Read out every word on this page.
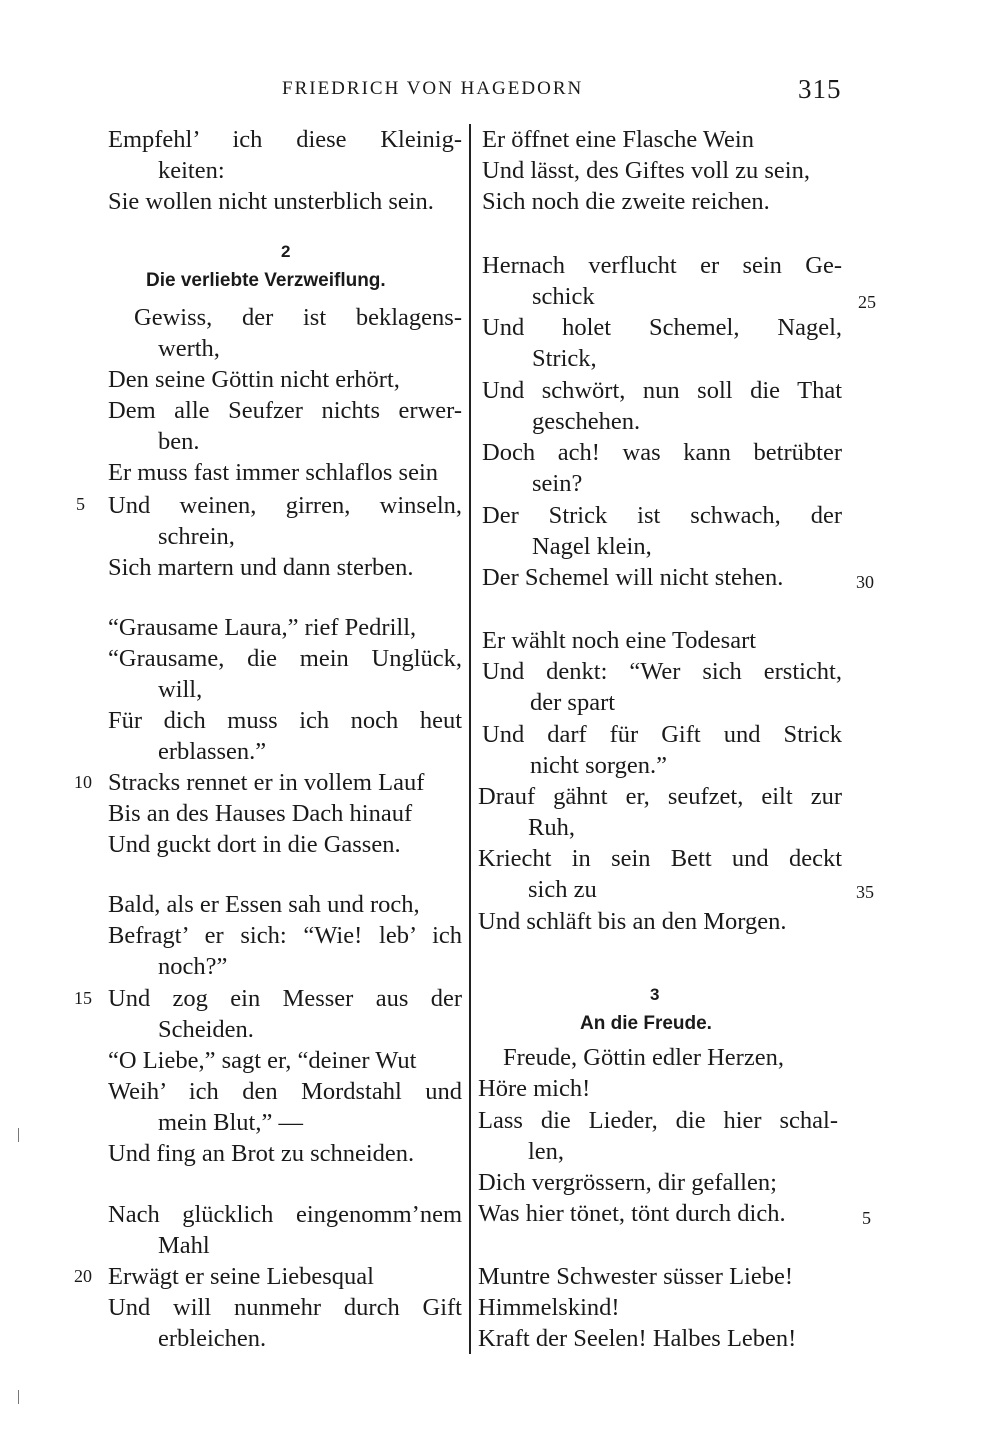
FRIEDRICH VON HAGEDORN	315
Empfehl’ ich diese Kleinig-
keiten:
Sie wollen nicht unsterblich sein.
2
Die verliebte Verzweiflung.
Gewiss, der ist beklagens-
werth,
Den seine Göttin nicht erhört,
Dem alle Seufzer nichts erwer-
ben.
Er muss fast immer schlaflos sein
5 Und weinen, girren, winseln,
schrein,
Sich martern und dann sterben.
“Grausame Laura,” rief Pedrill,
“Grausame, die mein Unglück,
will,
Für dich muss ich noch heut
erblassen.”
10 Stracks rennet er in vollem Lauf
Bis an des Hauses Dach hinauf
Und guckt dort in die Gassen.
Bald, als er Essen sah und roch,
Befragt’ er sich: “Wie! leb’ ich
noch?”
15 Und zog ein Messer aus der
Scheiden.
“O Liebe,” sagt er, “deiner Wut
Weih’ ich den Mordstahl und
mein Blut,” —
Und fing an Brot zu schneiden.
Nach glücklich eingenomm’nem
Mahl
20 Erwägt er seine Liebesqual
Und will nunmehr durch Gift
erbleichen.
Er öffnet eine Flasche Wein
Und lässt, des Giftes voll zu sein,
Sich noch die zweite reichen.
Hernach verflucht er sein Ge-
schick	25
Und holet Schemel, Nagel,
Strick,
Und schwört, nun soll die That
geschehen.
Doch ach! was kann betrübter
sein?
Der Strick ist schwach, der
Nagel klein,
Der Schemel will nicht stehen.	30
Er wählt noch eine Todesart
Und denkt: “Wer sich ersticht,
der spart
Und darf für Gift und Strick
nicht sorgen.”
Drauf gähnt er, seufzet, eilt zur
Ruh,
Kriecht in sein Bett und deckt
sich zu	35
Und schläft bis an den Morgen.
3
An die Freude.
Freude, Göttin edler Herzen,
Höre mich!
Lass die Lieder, die hier schal-
len,
Dich vergrössern, dir gefallen;
Was hier tönet, tönt durch dich.	5
Muntre Schwester süsser Liebe!
Himmelskind!
Kraft der Seelen! Halbes Leben!
